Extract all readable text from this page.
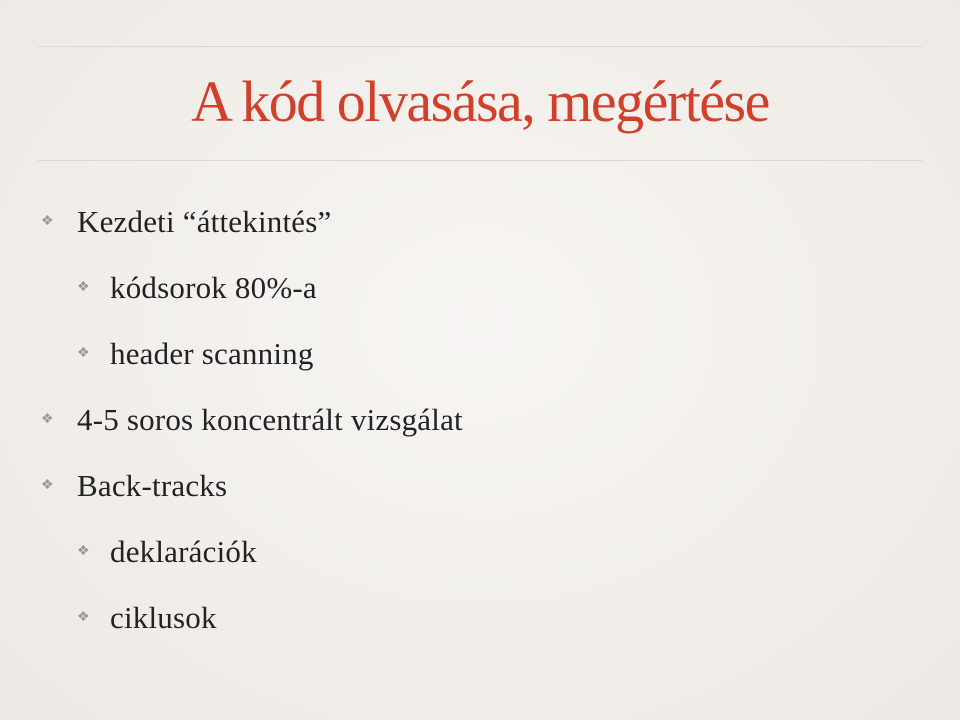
A kód olvasása, megértése
❖ Kezdeti “áttekintés”
❖ kódsorok 80%-a
❖ header scanning
❖ 4-5 soros koncentrált vizsgálat
❖ Back-tracks
❖ deklarációk
❖ ciklusok
